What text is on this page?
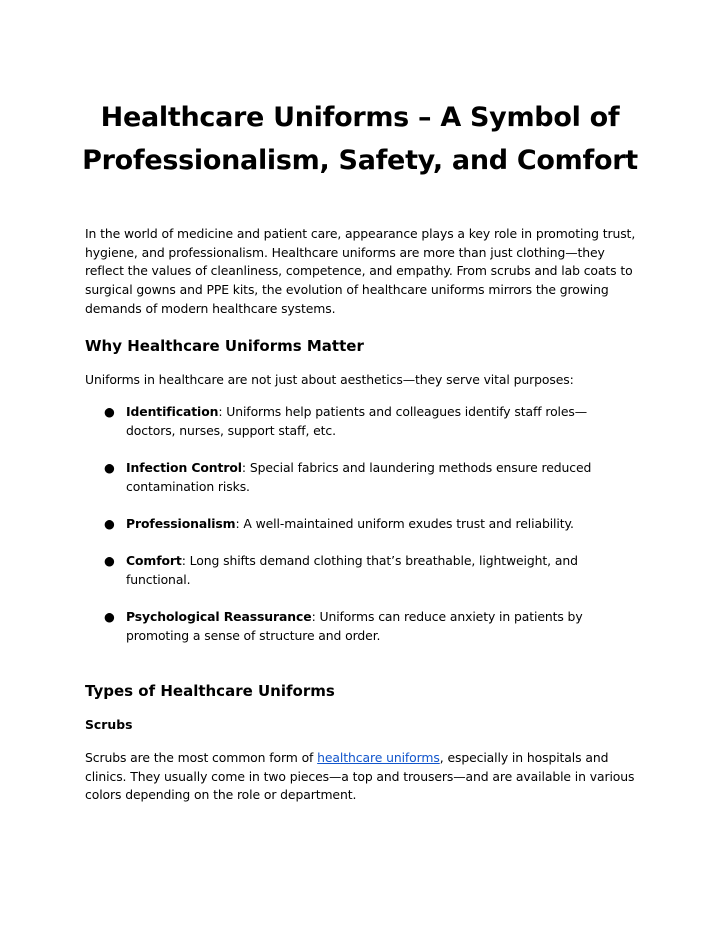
Healthcare Uniforms – A Symbol of
Professionalism, Safety, and Comfort

In the world of medicine and patient care, appearance plays a key role in promoting trust, hygiene, and professionalism. Healthcare uniforms are more than just clothing—they reflect the values of cleanliness, competence, and empathy. From scrubs and lab coats to surgical gowns and PPE kits, the evolution of healthcare uniforms mirrors the growing demands of modern healthcare systems.

Why Healthcare Uniforms Matter

Uniforms in healthcare are not just about aesthetics—they serve vital purposes:

● Identification: Uniforms help patients and colleagues identify staff roles—doctors, nurses, support staff, etc.
● Infection Control: Special fabrics and laundering methods ensure reduced contamination risks.
● Professionalism: A well-maintained uniform exudes trust and reliability.
● Comfort: Long shifts demand clothing that’s breathable, lightweight, and functional.
● Psychological Reassurance: Uniforms can reduce anxiety in patients by promoting a sense of structure and order.
Types of Healthcare Uniforms
Scrubs

Scrubs are the most common form of healthcare uniforms, especially in hospitals and clinics. They usually come in two pieces—a top and trousers—and are available in various colors depending on the role or department.
